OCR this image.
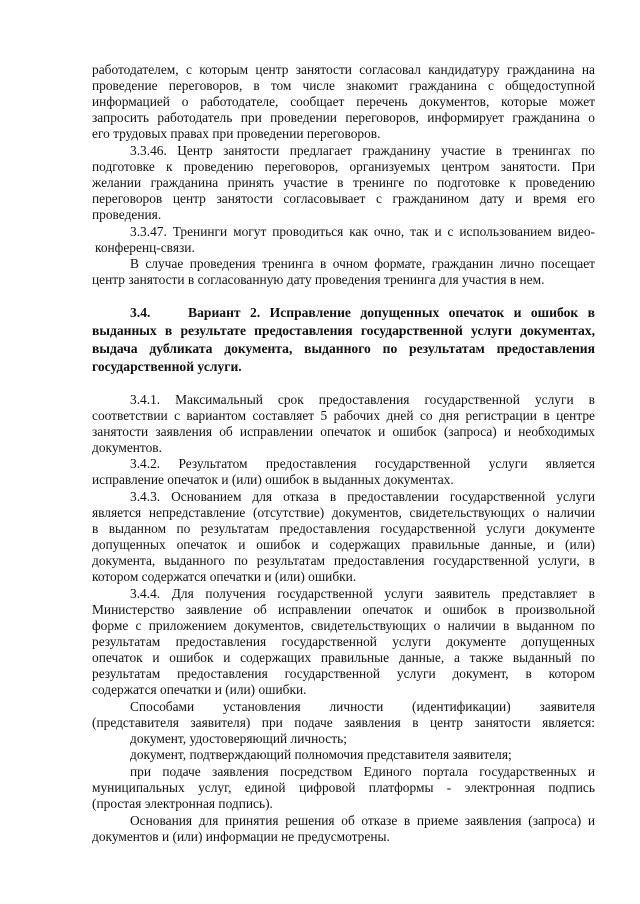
работодателем, с которым центр занятости согласовал кандидатуру гражданина на
проведение переговоров, в том числе знакомит гражданина с общедоступной
информацией о работодателе, сообщает перечень документов, которые может
запросить работодатель при проведении переговоров, информирует гражданина о
его трудовых правах при проведении переговоров.
3.3.46. Центр занятости предлагает гражданину участие в тренингах по
подготовке к проведению переговоров, организуемых центром занятости. При
желании гражданина принять участие в тренинге по подготовке к проведению
переговоров центр занятости согласовывает с гражданином дату и время его
проведения.
3.3.47. Тренинги могут проводиться как очно, так и с использованием видео-
конференц-связи.
В случае проведения тренинга в очном формате, гражданин лично посещает
центр занятости в согласованную дату проведения тренинга для участия в нем.
3.4.    Вариант 2. Исправление допущенных опечаток и ошибок в
выданных в результате предоставления государственной услуги документах,
выдача дубликата документа, выданного по результатам предоставления
государственной услуги.
3.4.1. Максимальный срок предоставления государственной услуги в
соответствии с вариантом составляет 5 рабочих дней со дня регистрации в центре
занятости заявления об исправлении опечаток и ошибок (запроса) и необходимых
документов.
3.4.2. Результатом предоставления государственной услуги является
исправление опечаток и (или) ошибок в выданных документах.
3.4.3. Основанием для отказа в предоставлении государственной услуги
является непредставление (отсутствие) документов, свидетельствующих о наличии
в выданном по результатам предоставления государственной услуги документе
допущенных опечаток и ошибок и содержащих правильные данные, и (или)
документа, выданного по результатам предоставления государственной услуги, в
котором содержатся опечатки и (или) ошибки.
3.4.4. Для получения государственной услуги заявитель представляет в
Министерство заявление об исправлении опечаток и ошибок в произвольной
форме с приложением документов, свидетельствующих о наличии в выданном по
результатам предоставления государственной услуги документе допущенных
опечаток и ошибок и содержащих правильные данные, а также выданный по
результатам предоставления государственной услуги документ, в котором
содержатся опечатки и (или) ошибки.
Способами установления личности (идентификации) заявителя
(представителя заявителя) при подаче заявления в центр занятости является:
документ, удостоверяющий личность;
документ, подтверждающий полномочия представителя заявителя;
при подаче заявления посредством Единого портала государственных и
муниципальных услуг, единой цифровой платформы - электронная подпись
(простая электронная подпись).
Основания для принятия решения об отказе в приеме заявления (запроса) и
документов и (или) информации не предусмотрены.
